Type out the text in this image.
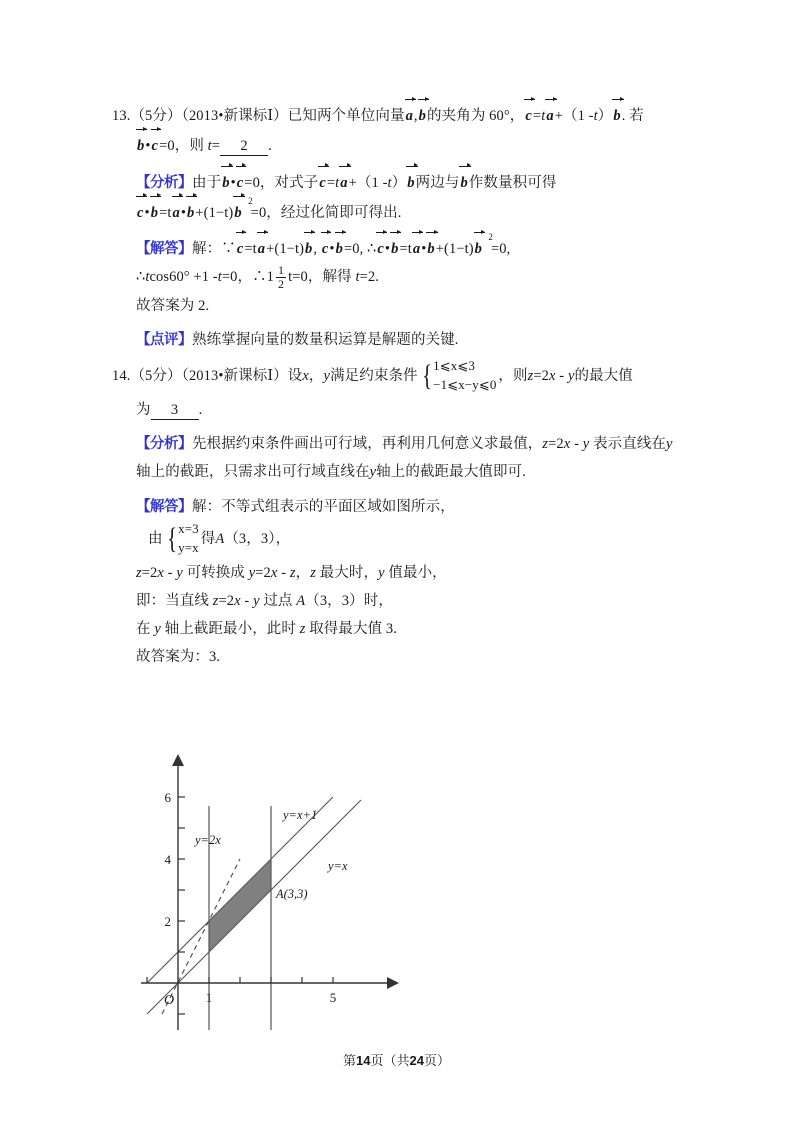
13.（5分）（2013•新课标Ⅰ）已知两个单位向量a,b的夹角为 60°，c=ta+（1 -t）b. 若
b•c=0，则 t= 2 .
【分析】由于b•c=0，对式子c=ta+（1 -t）b两边与b作数量积可得
c•b=ta•b+(1−t)b
2
=0，经过化简即可得出.
【解答】解：∵c=ta+(1−t)b, c•b=0, ∴c•b=ta•b+(1−t)b
2
=0,
∴tcos60° +1 -t=0，∴1 $\frac{1}{2} t=0$，解得 t=2.
故答案为 2.
【点评】熟练掌握向量的数量积运算是解题的关键.
14.（5分）（2013•新课标Ⅰ）设x，y满足约束条件 { 1⩽x⩽3
−1⩽x−y⩽0
，则z=2x - y的最大值
为 3 .
【分析】先根据约束条件画出可行域，再利用几何意义求最值，z=2x - y 表示直线在y
轴上的截距，只需求出可行域直线在y轴上的截距最大值即可.
【解答】解：不等式组表示的平面区域如图所示，
由 { x=3
y=x
得A（3，3），
z=2x - y 可转换成 y=2x - z，z 最大时，y 值最小，
即：当直线 z=2x - y 过点 A（3，3）时，
在 y 轴上截距最小，此时 z 取得最大值 3.
故答案为：3.
6
4
2
1	5
O
y=2x
y=x+1
y=x
A(3,3)
第14页（共24页）
